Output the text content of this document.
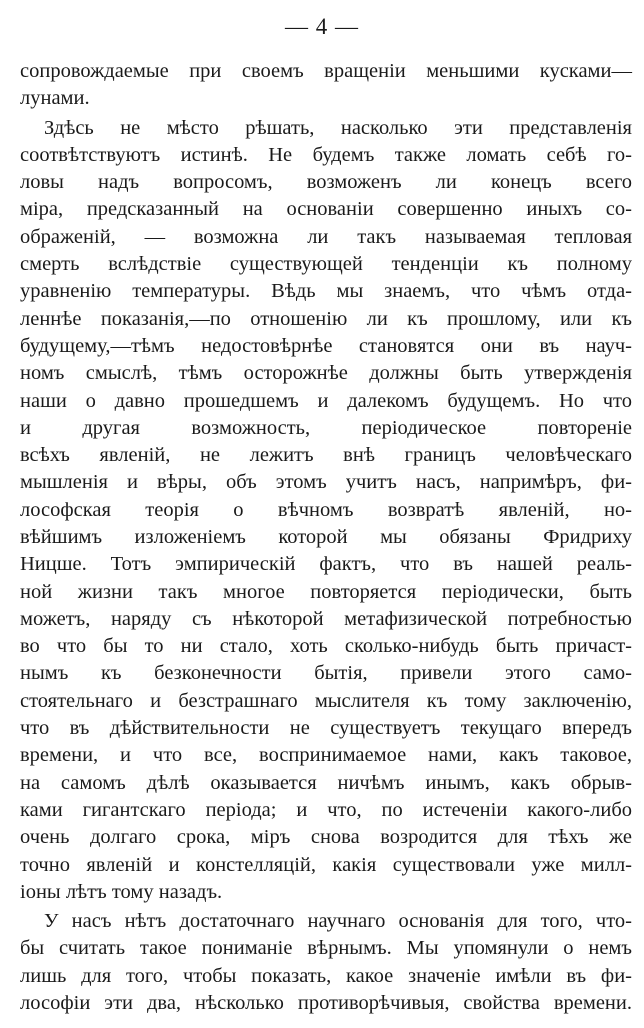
— 4 —
сопровождаемые при своемъ вращенiи меньшими кусками—
лунами.
Здѣсь не мѣсто рѣшать, насколько эти представленiя
соотвѣтствуютъ истинѣ. Не будемъ также ломать себѣ го-
ловы надъ вопросомъ, возможенъ ли конецъ всего
мiра, предсказанный на основанiи совершенно иныхъ со-
ображенiй, — возможна ли такъ называемая тепловая
смерть вслѣдствiе существующей тенденцiи къ полному
уравненiю температуры. Вѣдь мы знаемъ, что чѣмъ отда-
леннѣе показанiя,—по отношенiю ли къ прошлому, или къ
будущему,—тѣмъ недостовѣрнѣе становятся они въ науч-
номъ смыслѣ, тѣмъ осторожнѣе должны быть утвержденiя
наши о давно прошедшемъ и далекомъ будущемъ. Но что
и другая возможность, перiодическое повторенiе
всѣхъ явленiй, не лежитъ внѣ границъ человѣческаго
мышленiя и вѣры, объ этомъ учитъ насъ, напримѣръ, фи-
лософская теорiя о вѣчномъ возвратѣ явленiй, но-
вѣйшимъ изложенiемъ которой мы обязаны Фридриху
Ницше. Тотъ эмпирическiй фактъ, что въ нашей реаль-
ной жизни такъ многое повторяется перiодически, быть
можетъ, наряду съ нѣкоторой метафизической потребностью
во что бы то ни стало, хоть сколько-нибудь быть причаст-
нымъ къ безконечности бытiя, привели этого само-
стоятельнаго и безстрашнаго мыслителя къ тому заключенiю,
что въ дѣйствительности не существуетъ текущаго впередъ
времени, и что все, воспринимаемое нами, какъ таковое,
на самомъ дѣлѣ оказывается ничѣмъ инымъ, какъ обрыв-
ками гигантскаго перiода; и что, по истеченiи какого-либо
очень долгаго срока, мiръ снова возродится для тѣхъ же
точно явленiй и констелляцiй, какiя существовали уже милл-
iоны лѣтъ тому назадъ.
У насъ нѣтъ достаточнаго научнаго основанiя для того, что-
бы считать такое пониманiе вѣрнымъ. Мы упомянули о немъ
лишь для того, чтобы показать, какое значенiе имѣли въ фи-
лософiи эти два, нѣсколько противорѣчивыя, свойства времени.
